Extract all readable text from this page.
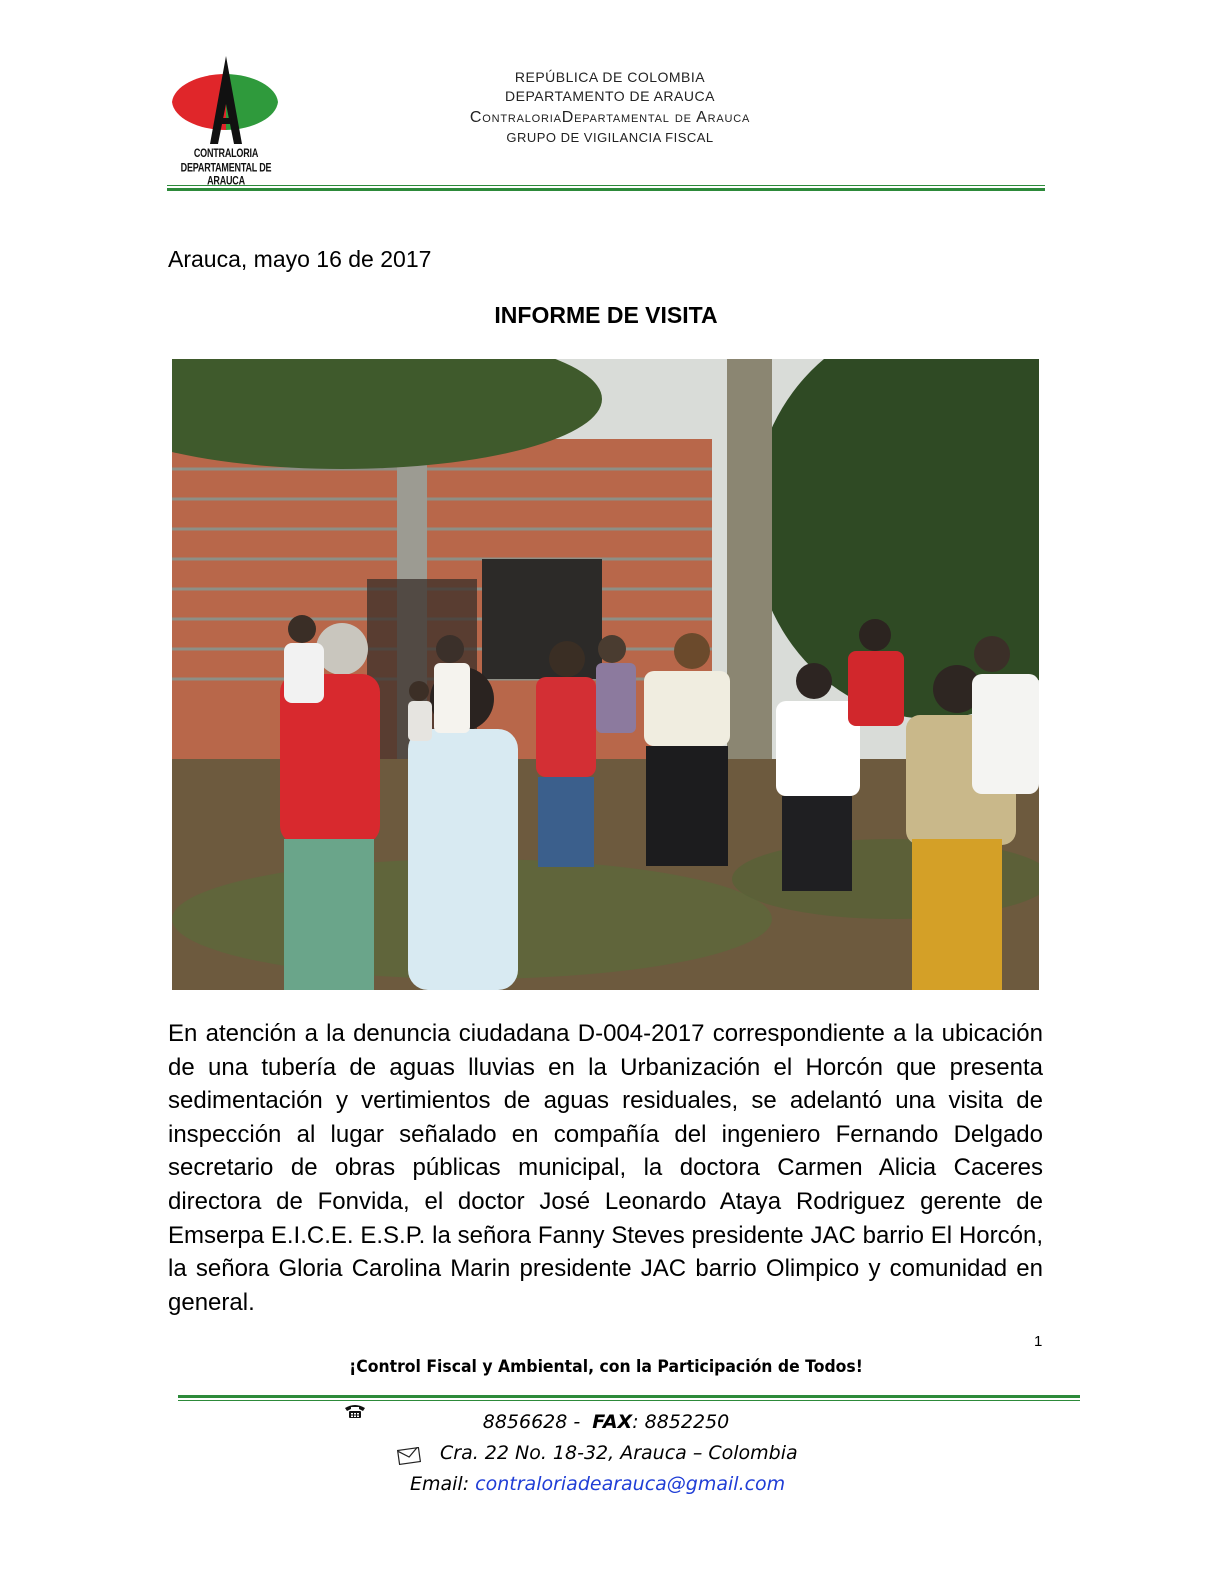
CONTRALORIA
DEPARTAMENTAL DE ARAUCA
REPÚBLICA DE COLOMBIA
DEPARTAMENTO DE ARAUCA
ContraloriaDepartamental de Arauca
GRUPO DE VIGILANCIA FISCAL
Arauca, mayo 16 de 2017
INFORME DE VISITA
En atención a la denuncia ciudadana D-004-2017 correspondiente a la ubicación de una tubería de aguas lluvias en la Urbanización el Horcón que presenta sedimentación y vertimientos de aguas residuales, se adelantó una visita de inspección al lugar señalado en compañía del ingeniero Fernando Delgado secretario de obras públicas municipal, la doctora Carmen Alicia Caceres directora de Fonvida, el doctor José Leonardo Ataya Rodriguez gerente de Emserpa E.I.C.E. E.S.P. la señora Fanny Steves presidente JAC barrio El Horcón, la señora Gloria Carolina Marin presidente JAC barrio Olimpico y comunidad en general.
1
¡Control Fiscal y Ambiental, con la Participación de Todos!
8856628 - FAX: 8852250
Cra. 22 No. 18-32, Arauca – Colombia
Email: contraloriadearauca@gmail.com
